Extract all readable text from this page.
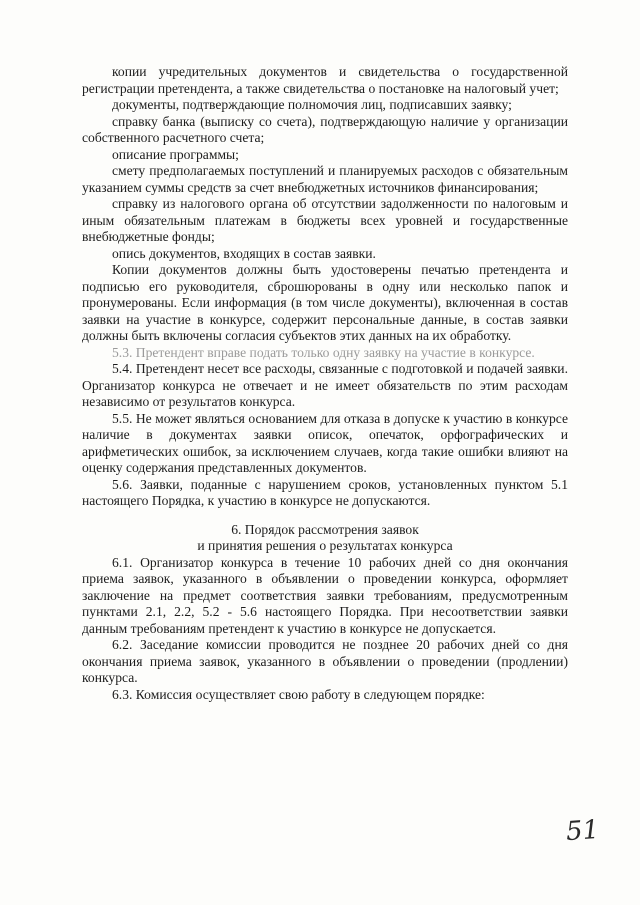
копии учредительных документов и свидетельства о государственной регистрации претендента, а также свидетельства о постановке на налоговый учет;

документы, подтверждающие полномочия лиц, подписавших заявку;

справку банка (выписку со счета), подтверждающую наличие у организации собственного расчетного счета;

описание программы;

смету предполагаемых поступлений и планируемых расходов с обязательным указанием суммы средств за счет внебюджетных источников финансирования;

справку из налогового органа об отсутствии задолженности по налоговым и иным обязательным платежам в бюджеты всех уровней и государственные внебюджетные фонды;

опись документов, входящих в состав заявки.

Копии документов должны быть удостоверены печатью претендента и подписью его руководителя, сброшюрованы в одну или несколько папок и пронумерованы. Если информация (в том числе документы), включенная в состав заявки на участие в конкурсе, содержит персональные данные, в состав заявки должны быть включены согласия субъектов этих данных на их обработку.

5.3. Претендент вправе подать только одну заявку на участие в конкурсе.

5.4. Претендент несет все расходы, связанные с подготовкой и подачей заявки. Организатор конкурса не отвечает и не имеет обязательств по этим расходам независимо от результатов конкурса.

5.5. Не может являться основанием для отказа в допуске к участию в конкурсе наличие в документах заявки описок, опечаток, орфографических и арифметических ошибок, за исключением случаев, когда такие ошибки влияют на оценку содержания представленных документов.

5.6. Заявки, поданные с нарушением сроков, установленных пунктом 5.1 настоящего Порядка, к участию в конкурсе не допускаются.

6. Порядок рассмотрения заявок

и принятия решения о результатах конкурса

6.1. Организатор конкурса в течение 10 рабочих дней со дня окончания приема заявок, указанного в объявлении о проведении конкурса, оформляет заключение на предмет соответствия заявки требованиям, предусмотренным пунктами 2.1, 2.2, 5.2 - 5.6 настоящего Порядка. При несоответствии заявки данным требованиям претендент к участию в конкурсе не допускается.

6.2. Заседание комиссии проводится не позднее 20 рабочих дней со дня окончания приема заявок, указанного в объявлении о проведении (продлении) конкурса.

6.3. Комиссия осуществляет свою работу в следующем порядке:

51
